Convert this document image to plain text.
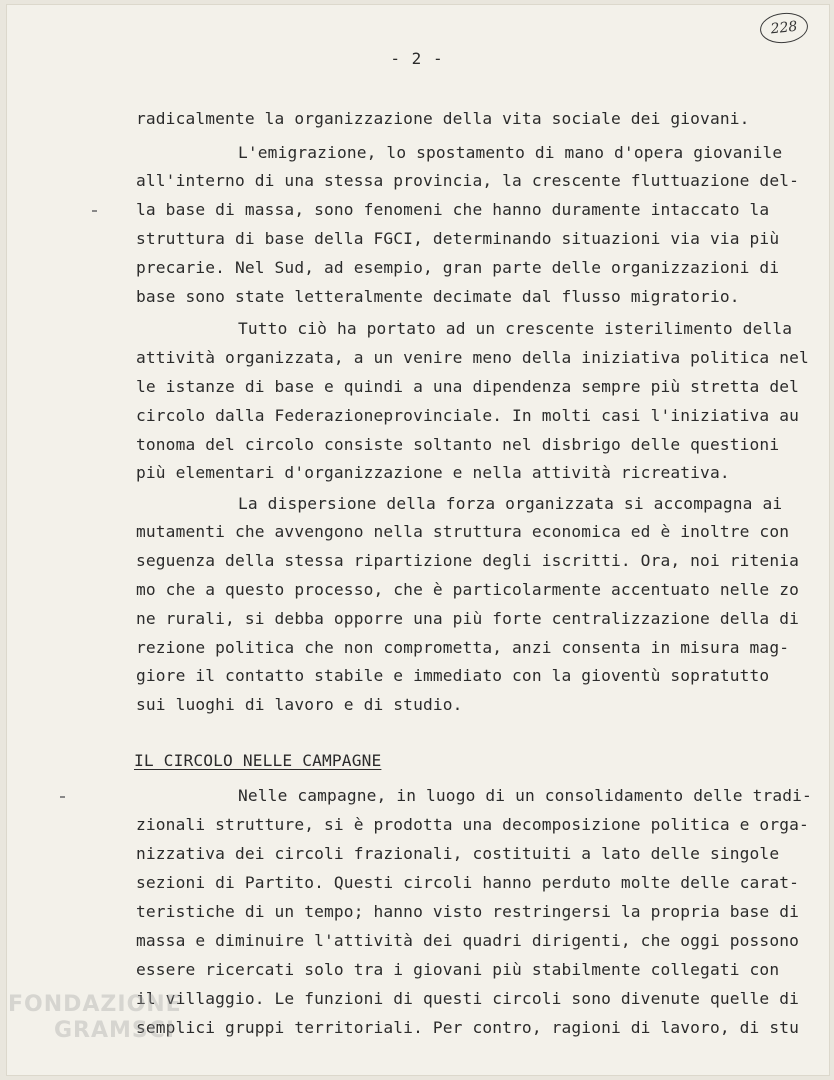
228
- 2 -
radicalmente la organizzazione della vita sociale dei giovani.
L'emigrazione, lo spostamento di mano d'opera giovanile
all'interno di una stessa provincia, la crescente fluttuazione del-
la base di massa, sono fenomeni che hanno duramente intaccato la
struttura di base della FGCI, determinando situazioni via via più
precarie. Nel Sud, ad esempio, gran parte delle organizzazioni di
base sono state letteralmente decimate dal flusso migratorio.
Tutto ciò ha portato ad un crescente isterilimento della
attività organizzata, a un venire meno della iniziativa politica nel
le istanze di base e quindi a una dipendenza sempre più stretta del
circolo dalla Federazioneprovinciale. In molti casi l'iniziativa au
tonoma del circolo consiste soltanto nel disbrigo delle questioni
più elementari d'organizzazione e nella attività ricreativa.
La dispersione della forza organizzata si accompagna ai
mutamenti che avvengono nella struttura economica ed è inoltre con
seguenza della stessa ripartizione degli iscritti. Ora, noi ritenia
mo che a questo processo, che è particolarmente accentuato nelle zo
ne rurali, si debba opporre una più forte centralizzazione della di
rezione politica che non comprometta, anzi consenta in misura mag-
giore il contatto stabile e immediato con la gioventù sopratutto
sui luoghi di lavoro e di studio.
IL CIRCOLO NELLE CAMPAGNE
Nelle campagne, in luogo di un consolidamento delle tradi-
zionali strutture, si è prodotta una decomposizione politica e orga-
nizzativa dei circoli frazionali, costituiti a lato delle singole
sezioni di Partito. Questi circoli hanno perduto molte delle carat-
teristiche di un tempo; hanno visto restringersi la propria base di
massa e diminuire l'attività dei quadri dirigenti, che oggi possono
essere ricercati solo tra i giovani più stabilmente collegati con
il villaggio. Le funzioni di questi circoli sono divenute quelle di
semplici gruppi territoriali. Per contro, ragioni di lavoro, di stu
FONDAZIONE
GRAMSCI
